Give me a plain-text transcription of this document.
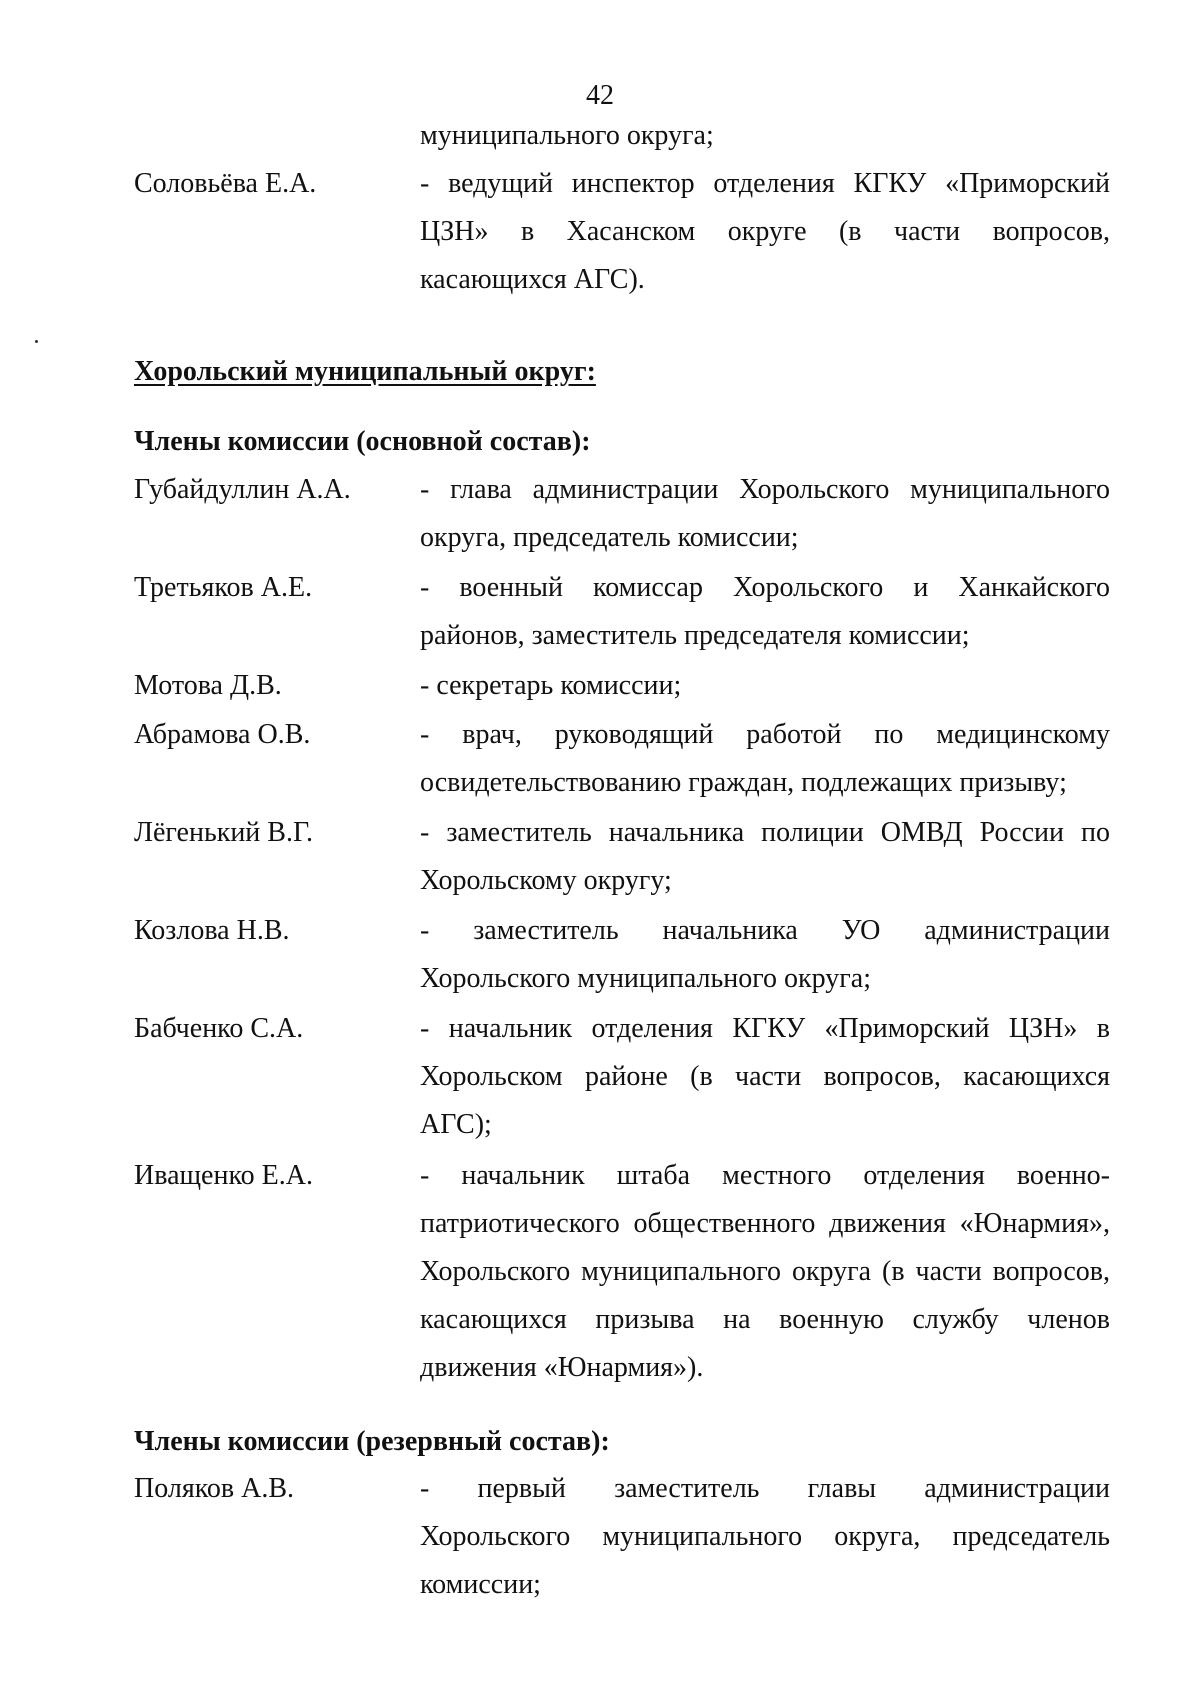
42
муниципального округа;
Соловьёва Е.А.	- ведущий инспектор отделения КГКУ «Приморский
ЦЗН» в Хасанском округе (в части вопросов,
касающихся АГС).
Хорольский муниципальный округ:
Члены комиссии (основной состав):
Губайдуллин А.А.	- глава администрации Хорольского муниципального
округа, председатель комиссии;
Третьяков А.Е.	- военный комиссар Хорольского и Ханкайского
районов, заместитель председателя комиссии;
Мотова Д.В.	- секретарь комиссии;
Абрамова О.В.	- врач, руководящий работой по медицинскому
освидетельствованию граждан, подлежащих призыву;
Лёгенький В.Г.	- заместитель начальника полиции ОМВД России по
Хорольскому округу;
Козлова Н.В.	- заместитель начальника УО администрации
Хорольского муниципального округа;
Бабченко С.А.	- начальник отделения КГКУ «Приморский ЦЗН» в
Хорольском районе (в части вопросов, касающихся
АГС);
Иващенко Е.А.	- начальник штаба местного отделения военно-
патриотического общественного движения «Юнармия»,
Хорольского муниципального округа (в части вопросов,
касающихся призыва на военную службу членов
движения «Юнармия»).
Члены комиссии (резервный состав):
Поляков А.В.	- первый заместитель главы администрации
Хорольского муниципального округа, председатель
комиссии;
